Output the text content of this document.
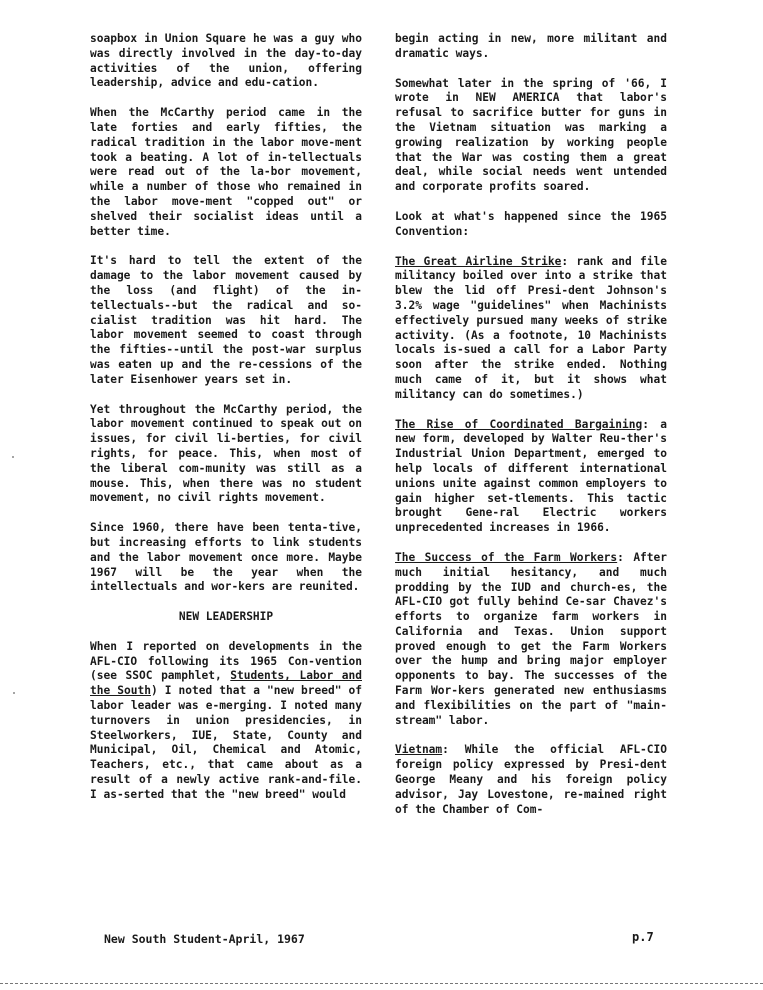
soapbox in Union Square he was a guy who was directly involved in the day-to-day activities of the union, offering leadership, advice and edu-cation.

When the McCarthy period came in the late forties and early fifties, the radical tradition in the labor move-ment took a beating. A lot of in-tellectuals were read out of the la-bor movement, while a number of those who remained in the labor move-ment "copped out" or shelved their socialist ideas until a better time.

It's hard to tell the extent of the damage to the labor movement caused by the loss (and flight) of the in-tellectuals--but the radical and so-cialist tradition was hit hard. The labor movement seemed to coast through the fifties--until the post-war surplus was eaten up and the re-cessions of the later Eisenhower years set in.

Yet throughout the McCarthy period, the labor movement continued to speak out on issues, for civil li-berties, for civil rights, for peace. This, when most of the liberal com-munity was still as a mouse. This, when there was no student movement, no civil rights movement.

Since 1960, there have been tenta-tive, but increasing efforts to link students and the labor movement once more. Maybe 1967 will be the year when the intellectuals and wor-kers are reunited.

NEW LEADERSHIP

When I reported on developments in the AFL-CIO following its 1965 Con-vention (see SSOC pamphlet, Students, Labor and the South) I noted that a "new breed" of labor leader was e-merging. I noted many turnovers in union presidencies, in Steelworkers, IUE, State, County and Municipal, Oil, Chemical and Atomic, Teachers, etc., that came about as a result of a newly active rank-and-file. I as-serted that the "new breed" would

begin acting in new, more militant and dramatic ways.

Somewhat later in the spring of '66, I wrote in NEW AMERICA that labor's refusal to sacrifice butter for guns in the Vietnam situation was marking a growing realization by working people that the War was costing them a great deal, while social needs went untended and corporate profits soared.

Look at what's happened since the 1965 Convention:

The Great Airline Strike: rank and file militancy boiled over into a strike that blew the lid off Presi-dent Johnson's 3.2% wage "guidelines" when Machinists effectively pursued many weeks of strike activity. (As a footnote, 10 Machinists locals is-sued a call for a Labor Party soon after the strike ended. Nothing much came of it, but it shows what militancy can do sometimes.)

The Rise of Coordinated Bargaining: a new form, developed by Walter Reu-ther's Industrial Union Department, emerged to help locals of different international unions unite against common employers to gain higher set-tlements. This tactic brought Gene-ral Electric workers unprecedented increases in 1966.

The Success of the Farm Workers: After much initial hesitancy, and much prodding by the IUD and church-es, the AFL-CIO got fully behind Ce-sar Chavez's efforts to organize farm workers in California and Texas. Union support proved enough to get the Farm Workers over the hump and bring major employer opponents to bay. The successes of the Farm Wor-kers generated new enthusiasms and flexibilities on the part of "main-stream" labor.

Vietnam: While the official AFL-CIO foreign policy expressed by Presi-dent George Meany and his foreign policy advisor, Jay Lovestone, re-mained right of the Chamber of Com-

New South Student-April, 1967	p.7
